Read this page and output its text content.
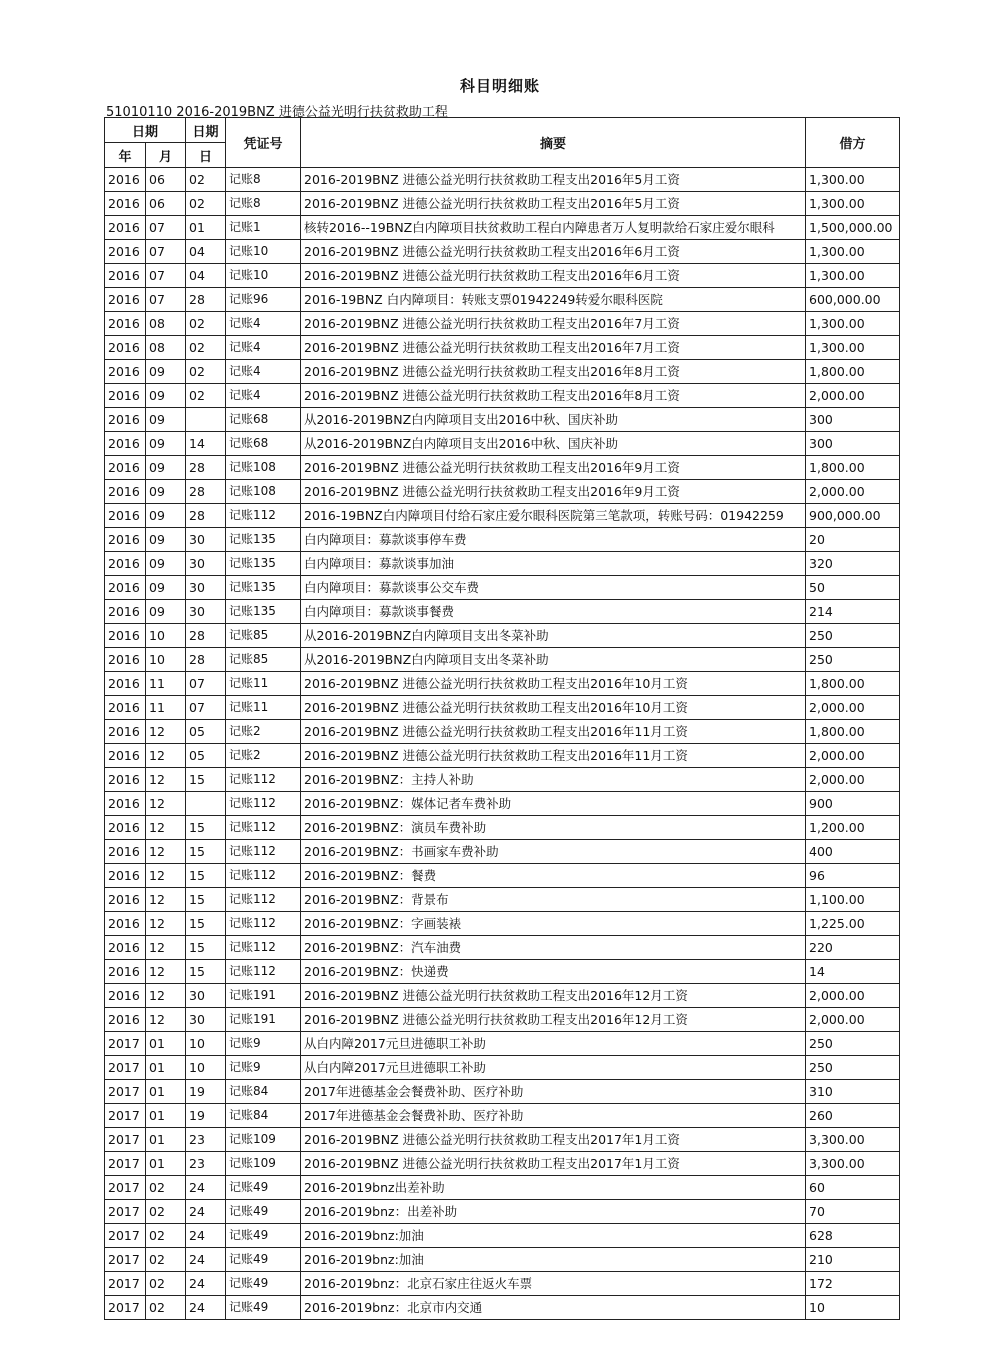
科目明细账
51010110 2016-2019BNZ 进德公益光明行扶贫救助工程
日期		日期	凭证号	摘要	借方
年	月	日			
2016	06	02	记账8	2016-2019BNZ 进德公益光明行扶贫救助工程支出2016年5月工资	1,300.00
2016	06	02	记账8	2016-2019BNZ 进德公益光明行扶贫救助工程支出2016年5月工资	1,300.00
2016	07	01	记账1	核转2016--19BNZ白内障项目扶贫救助工程白内障患者万人复明款给石家庄爱尔眼科	1,500,000.00
2016	07	04	记账10	2016-2019BNZ 进德公益光明行扶贫救助工程支出2016年6月工资	1,300.00
2016	07	04	记账10	2016-2019BNZ 进德公益光明行扶贫救助工程支出2016年6月工资	1,300.00
2016	07	28	记账96	2016-19BNZ 白内障项目：转账支票01942249转爱尔眼科医院	600,000.00
2016	08	02	记账4	2016-2019BNZ 进德公益光明行扶贫救助工程支出2016年7月工资	1,300.00
2016	08	02	记账4	2016-2019BNZ 进德公益光明行扶贫救助工程支出2016年7月工资	1,300.00
2016	09	02	记账4	2016-2019BNZ 进德公益光明行扶贫救助工程支出2016年8月工资	1,800.00
2016	09	02	记账4	2016-2019BNZ 进德公益光明行扶贫救助工程支出2016年8月工资	2,000.00
2016	09		记账68	从2016-2019BNZ白内障项目支出2016中秋、国庆补助	300
2016	09	14	记账68	从2016-2019BNZ白内障项目支出2016中秋、国庆补助	300
2016	09	28	记账108	2016-2019BNZ 进德公益光明行扶贫救助工程支出2016年9月工资	1,800.00
2016	09	28	记账108	2016-2019BNZ 进德公益光明行扶贫救助工程支出2016年9月工资	2,000.00
2016	09	28	记账112	2016-19BNZ白内障项目付给石家庄爱尔眼科医院第三笔款项，转账号码：01942259	900,000.00
2016	09	30	记账135	白内障项目：募款谈事停车费	20
2016	09	30	记账135	白内障项目：募款谈事加油	320
2016	09	30	记账135	白内障项目：募款谈事公交车费	50
2016	09	30	记账135	白内障项目：募款谈事餐费	214
2016	10	28	记账85	从2016-2019BNZ白内障项目支出冬菜补助	250
2016	10	28	记账85	从2016-2019BNZ白内障项目支出冬菜补助	250
2016	11	07	记账11	2016-2019BNZ 进德公益光明行扶贫救助工程支出2016年10月工资	1,800.00
2016	11	07	记账11	2016-2019BNZ 进德公益光明行扶贫救助工程支出2016年10月工资	2,000.00
2016	12	05	记账2	2016-2019BNZ 进德公益光明行扶贫救助工程支出2016年11月工资	1,800.00
2016	12	05	记账2	2016-2019BNZ 进德公益光明行扶贫救助工程支出2016年11月工资	2,000.00
2016	12	15	记账112	2016-2019BNZ：主持人补助	2,000.00
2016	12		记账112	2016-2019BNZ：媒体记者车费补助	900
2016	12	15	记账112	2016-2019BNZ：演员车费补助	1,200.00
2016	12	15	记账112	2016-2019BNZ：书画家车费补助	400
2016	12	15	记账112	2016-2019BNZ：餐费	96
2016	12	15	记账112	2016-2019BNZ：背景布	1,100.00
2016	12	15	记账112	2016-2019BNZ：字画装裱	1,225.00
2016	12	15	记账112	2016-2019BNZ：汽车油费	220
2016	12	15	记账112	2016-2019BNZ：快递费	14
2016	12	30	记账191	2016-2019BNZ 进德公益光明行扶贫救助工程支出2016年12月工资	2,000.00
2016	12	30	记账191	2016-2019BNZ 进德公益光明行扶贫救助工程支出2016年12月工资	2,000.00
2017	01	10	记账9	从白内障2017元旦进德职工补助	250
2017	01	10	记账9	从白内障2017元旦进德职工补助	250
2017	01	19	记账84	2017年进德基金会餐费补助、医疗补助	310
2017	01	19	记账84	2017年进德基金会餐费补助、医疗补助	260
2017	01	23	记账109	2016-2019BNZ 进德公益光明行扶贫救助工程支出2017年1月工资	3,300.00
2017	01	23	记账109	2016-2019BNZ 进德公益光明行扶贫救助工程支出2017年1月工资	3,300.00
2017	02	24	记账49	2016-2019bnz出差补助	60
2017	02	24	记账49	2016-2019bnz：出差补助	70
2017	02	24	记账49	2016-2019bnz:加油	628
2017	02	24	记账49	2016-2019bnz:加油	210
2017	02	24	记账49	2016-2019bnz：北京石家庄往返火车票	172
2017	02	24	记账49	2016-2019bnz：北京市内交通	10
